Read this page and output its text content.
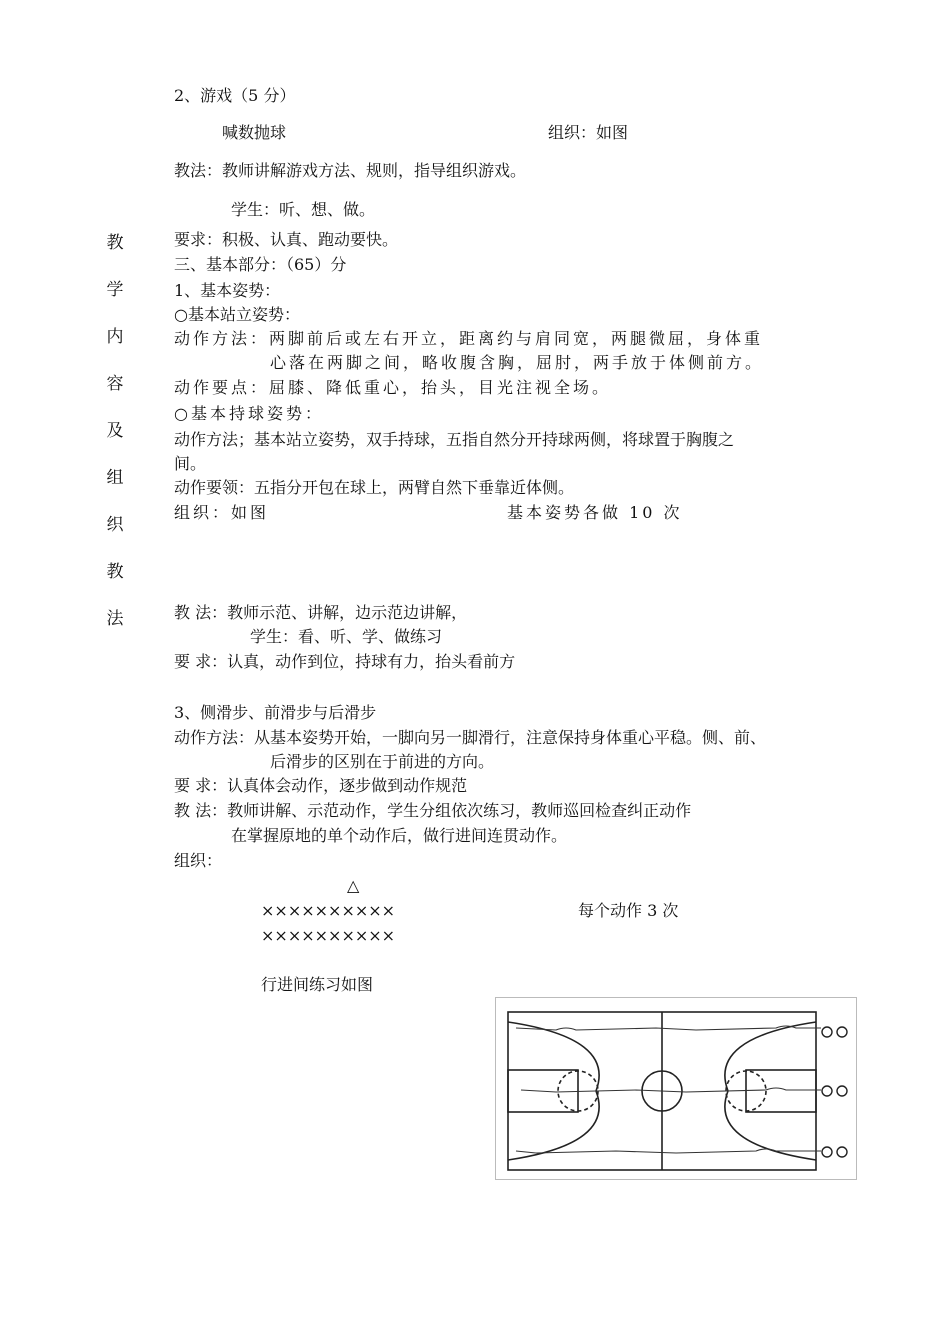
教
学
内
容
及
组
织
教
法
2、游戏（5 分）
喊数抛球	组织：如图
教法：教师讲解游戏方法、规则，指导组织游戏。
学生：听、想、做。
要求：积极、认真、跑动要快。
三、基本部分：（65）分
1、基本姿势：
○基本站立姿势：
动作方法：两脚前后或左右开立，距离约与肩同宽，两腿微屈，身体重
心落在两脚之间，略收腹含胸，屈肘，两手放于体侧前方。
动作要点：屈膝、降低重心，抬头，目光注视全场。
○基本持球姿势：
动作方法；基本站立姿势，双手持球，五指自然分开持球两侧，将球置于胸腹之
间。
动作要领：五指分开包在球上，两臂自然下垂靠近体侧。
组织：如图	基本姿势各做 10 次
教 法：教师示范、讲解，边示范边讲解，
学生：看、听、学、做练习
要 求：认真，动作到位，持球有力，抬头看前方
3、侧滑步、前滑步与后滑步
动作方法：从基本姿势开始，一脚向另一脚滑行，注意保持身体重心平稳。侧、前、
后滑步的区别在于前进的方向。
要 求：认真体会动作，逐步做到动作规范
教 法：教师讲解、示范动作，学生分组依次练习，教师巡回检查纠正动作
在掌握原地的单个动作后，做行进间连贯动作。
组织：
△
××××××××××
××××××××××
每个动作 3 次
行进间练习如图
